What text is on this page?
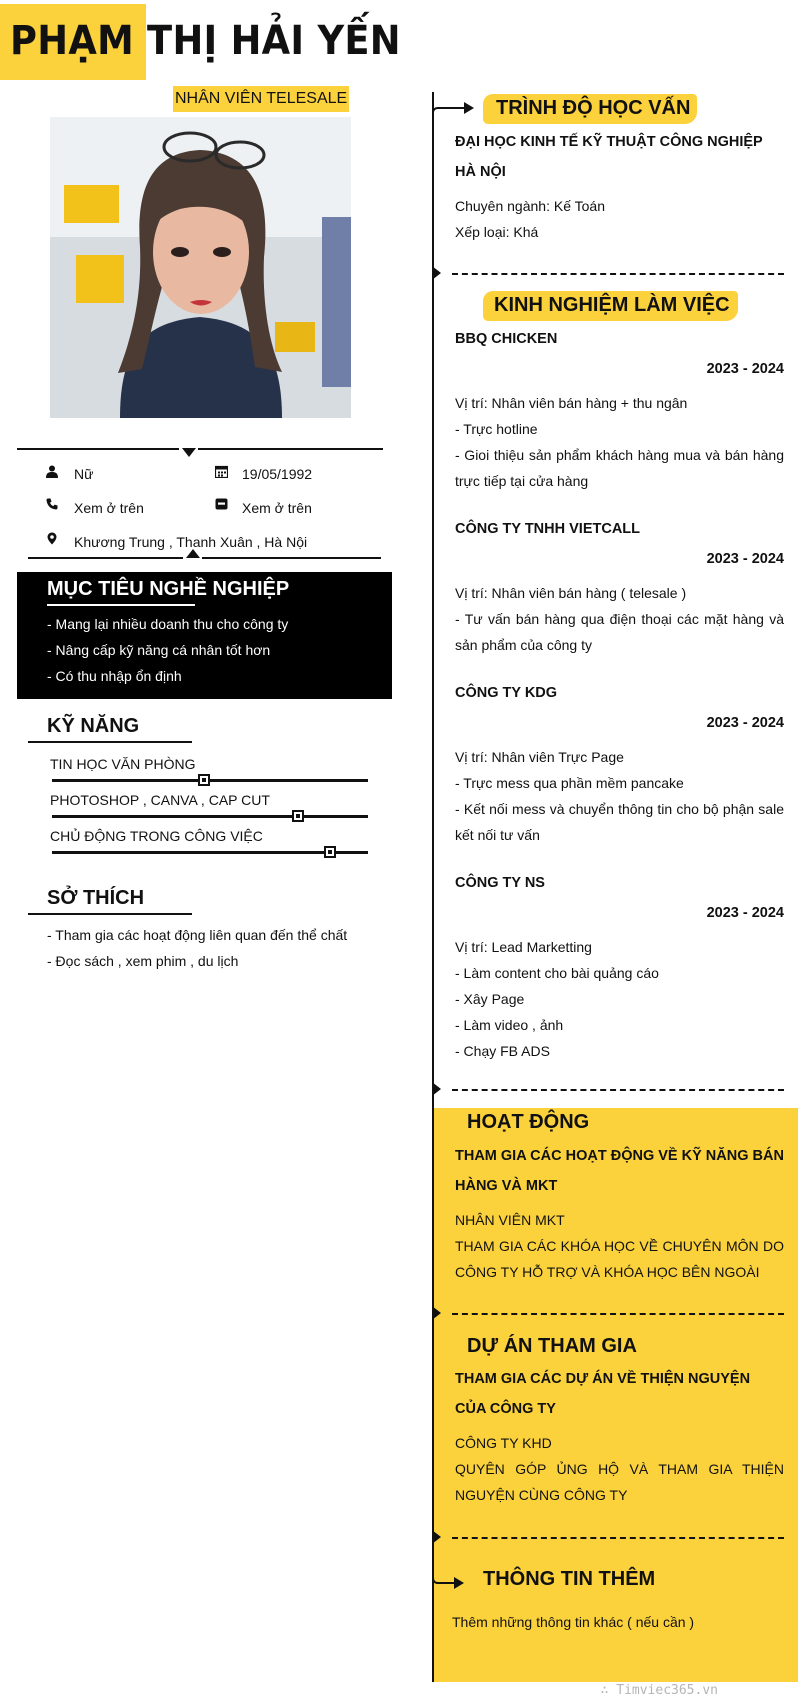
PHẠM THỊ HẢI YẾN
NHÂN VIÊN TELESALE
Nữ	19/05/1992
Xem ở trên	Xem ở trên
Khương Trung , Thanh Xuân , Hà Nội
MỤC TIÊU NGHỀ NGHIỆP
- Mang lại nhiều doanh thu cho công ty
- Nâng cấp kỹ năng cá nhân tốt hơn
- Có thu nhập ổn định
KỸ NĂNG
TIN HỌC VĂN PHÒNG
PHOTOSHOP , CANVA , CAP CUT
CHỦ ĐỘNG TRONG CÔNG VIỆC
SỞ THÍCH
- Tham gia các hoạt động liên quan đến thể chất
- Đọc sách , xem phim , du lịch
TRÌNH ĐỘ HỌC VẤN
ĐẠI HỌC KINH TẾ KỸ THUẬT CÔNG NGHIỆP HÀ NỘI
Chuyên ngành: Kế Toán
Xếp loại: Khá
KINH NGHIỆM LÀM VIỆC
BBQ CHICKEN
2023 - 2024
Vị trí: Nhân viên bán hàng + thu ngân
- Trực hotline
- Gioi thiệu sản phẩm khách hàng mua và bán hàng trực tiếp tại cửa hàng
CÔNG TY TNHH VIETCALL
2023 - 2024
Vị trí: Nhân viên bán hàng ( telesale )
- Tư vấn bán hàng qua điện thoại các mặt hàng và sản phẩm của công ty
CÔNG TY KDG
2023 - 2024
Vị trí: Nhân viên Trực Page
- Trực mess qua phần mềm pancake
- Kết nối mess và chuyển thông tin cho bộ phận sale kết nối tư vấn
CÔNG TY NS
2023 - 2024
Vị trí: Lead Marketting
- Làm content cho bài quảng cáo
- Xây Page
- Làm video , ảnh
- Chạy FB ADS
HOẠT ĐỘNG
THAM GIA CÁC HOẠT ĐỘNG VỀ KỸ NĂNG BÁN HÀNG VÀ MKT
NHÂN VIÊN MKT
THAM GIA CÁC KHÓA HỌC VỀ CHUYÊN MÔN DO CÔNG TY HỖ TRỢ VÀ KHÓA HỌC BÊN NGOÀI
DỰ ÁN THAM GIA
THAM GIA CÁC DỰ ÁN VỀ THIỆN NGUYỆN CỦA CÔNG TY
CÔNG TY KHD
QUYÊN GÓP ỦNG HỘ VÀ THAM GIA THIỆN NGUYỆN CÙNG CÔNG TY
THÔNG TIN THÊM
Thêm những thông tin khác ( nếu cần )
∴ Timviec365.vn
